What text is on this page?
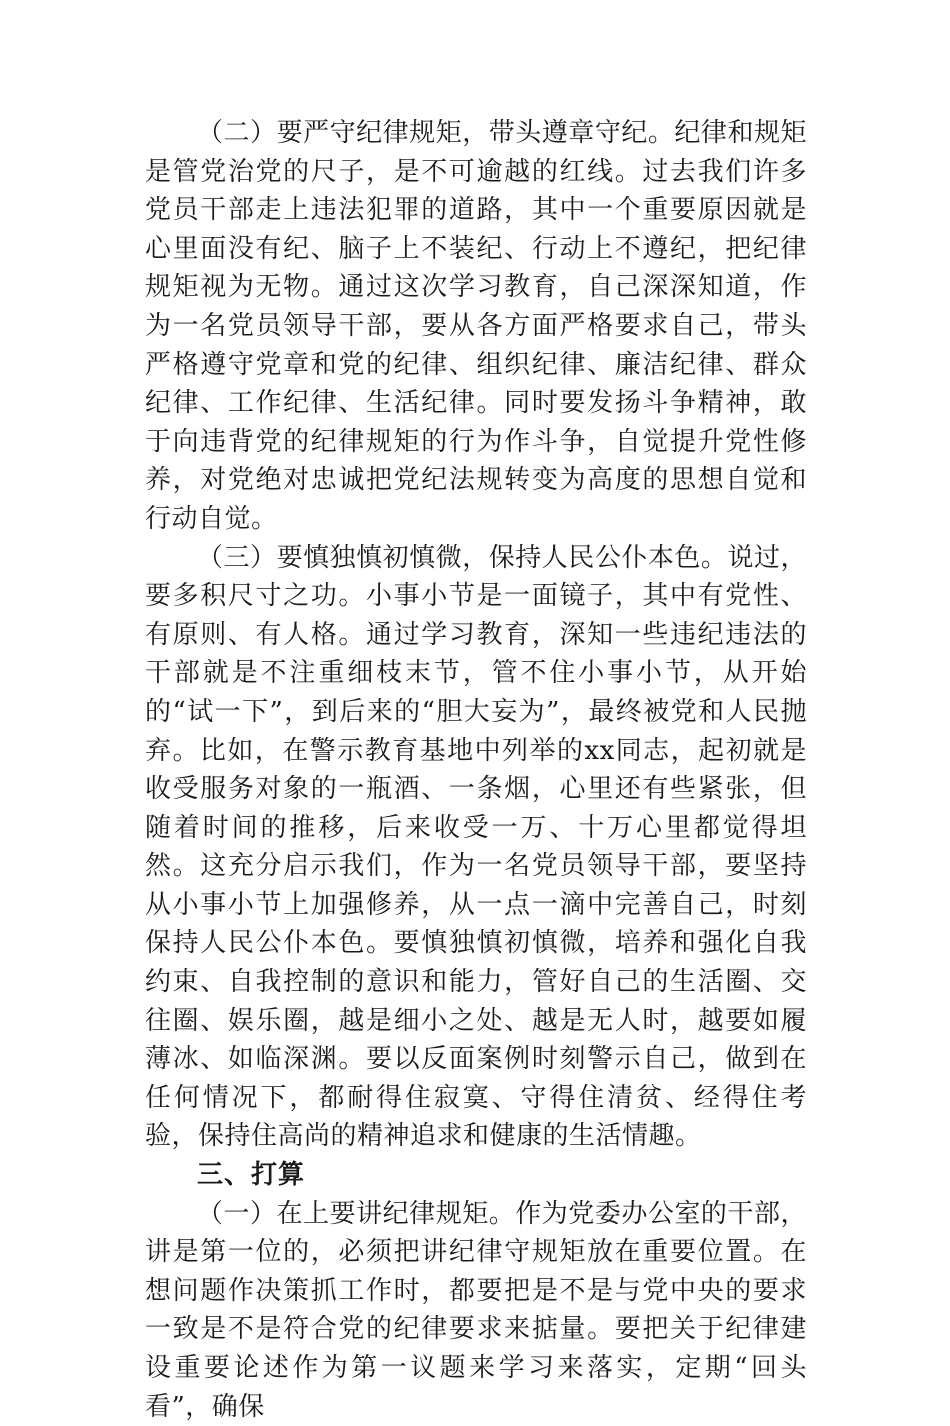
（二）要严守纪律规矩，带头遵章守纪。纪律和规矩是管党治党的尺子，是不可逾越的红线。过去我们许多党员干部走上违法犯罪的道路，其中一个重要原因就是心里面没有纪、脑子上不装纪、行动上不遵纪，把纪律规矩视为无物。通过这次学习教育，自己深深知道，作为一名党员领导干部，要从各方面严格要求自己，带头严格遵守党章和党的纪律、组织纪律、廉洁纪律、群众纪律、工作纪律、生活纪律。同时要发扬斗争精神，敢于向违背党的纪律规矩的行为作斗争，自觉提升党性修养，对党绝对忠诚把党纪法规转变为高度的思想自觉和行动自觉。

（三）要慎独慎初慎微，保持人民公仆本色。说过，要多积尺寸之功。小事小节是一面镜子，其中有党性、有原则、有人格。通过学习教育，深知一些违纪违法的干部就是不注重细枝末节，管不住小事小节，从开始的“试一下”，到后来的“胆大妄为”，最终被党和人民抛弃。比如，在警示教育基地中列举的xx同志，起初就是收受服务对象的一瓶酒、一条烟，心里还有些紧张，但随着时间的推移，后来收受一万、十万心里都觉得坦然。这充分启示我们，作为一名党员领导干部，要坚持从小事小节上加强修养，从一点一滴中完善自己，时刻保持人民公仆本色。要慎独慎初慎微，培养和强化自我约束、自我控制的意识和能力，管好自己的生活圈、交往圈、娱乐圈，越是细小之处、越是无人时，越要如履薄冰、如临深渊。要以反面案例时刻警示自己，做到在任何情况下，都耐得住寂寞、守得住清贫、经得住考验，保持住高尚的精神追求和健康的生活情趣。

三、打算

（一）在上要讲纪律规矩。作为党委办公室的干部，讲是第一位的，必须把讲纪律守规矩放在重要位置。在想问题作决策抓工作时，都要把是不是与党中央的要求一致是不是符合党的纪律要求来掂量。要把关于纪律建设重要论述作为第一议题来学习来落实，定期“回头看”，确保
